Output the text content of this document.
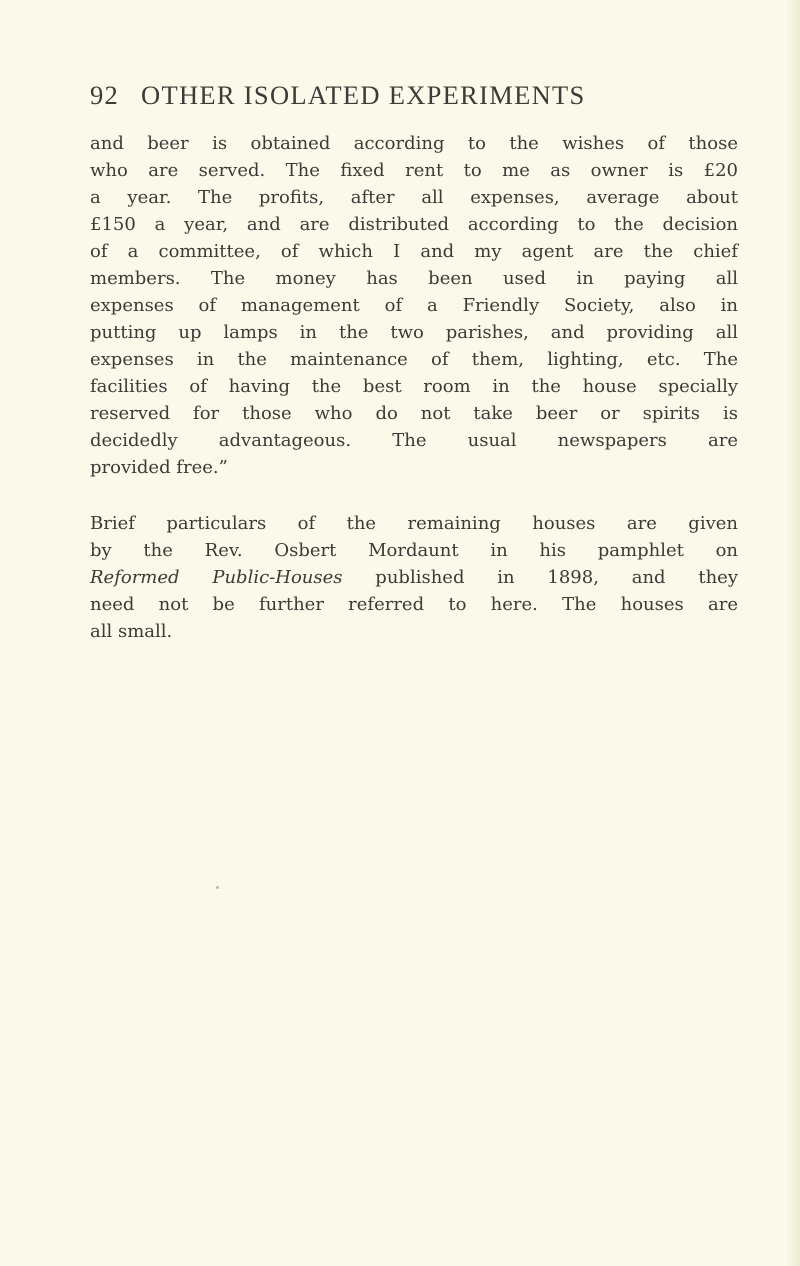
92 OTHER ISOLATED EXPERIMENTS
and beer is obtained according to the wishes of those
who are served. The fixed rent to me as owner is £20
a year. The profits, after all expenses, average about
£150 a year, and are distributed according to the decision
of a committee, of which I and my agent are the chief
members. The money has been used in paying all
expenses of management of a Friendly Society, also in
putting up lamps in the two parishes, and providing all
expenses in the maintenance of them, lighting, etc. The
facilities of having the best room in the house specially
reserved for those who do not take beer or spirits is
decidedly advantageous. The usual newspapers are
provided free.”
Brief particulars of the remaining houses are given
by the Rev. Osbert Mordaunt in his pamphlet on
Reformed Public-Houses published in 1898, and they
need not be further referred to here. The houses are
all small.
